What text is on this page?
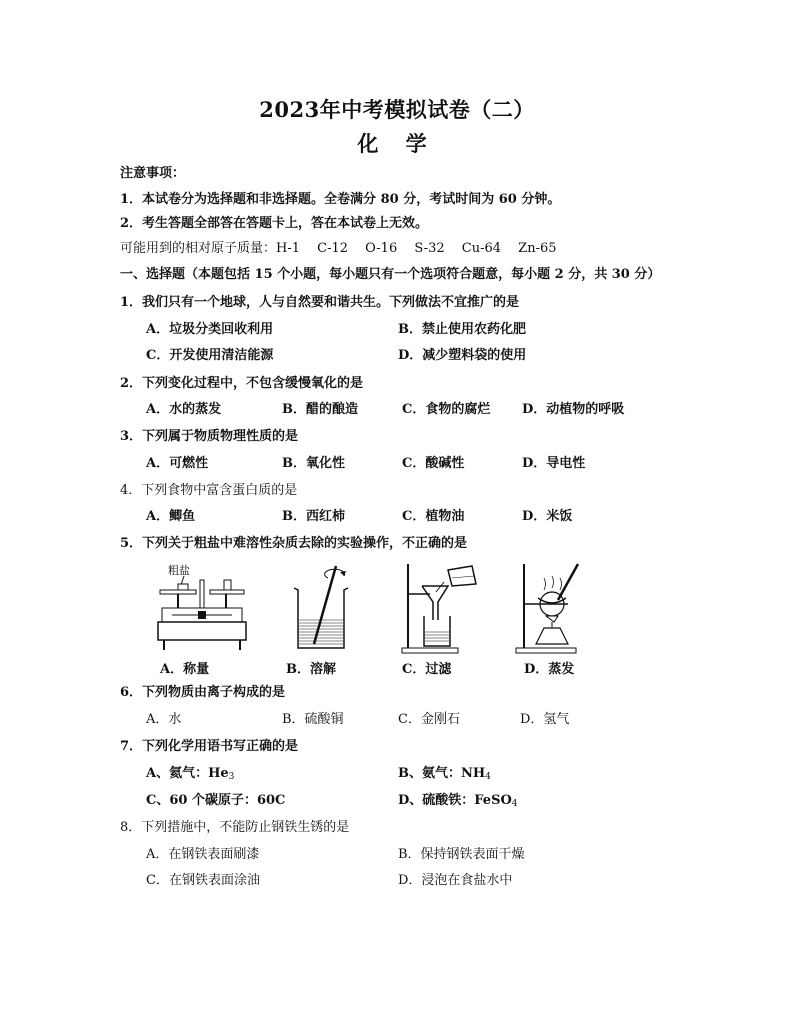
2023年中考模拟试卷（二）
化 学
注意事项：
1．本试卷分为选择题和非选择题。全卷满分 80 分，考试时间为 60 分钟。
2．考生答题全部答在答题卡上，答在本试卷上无效。
可能用到的相对原子质量：H-1　 C-12　 O-16　 S-32　 Cu-64　 Zn-65
一、选择题（本题包括 15 个小题，每小题只有一个选项符合题意，每小题 2 分，共 30 分）
1．我们只有一个地球，人与自然要和谐共生。下列做法不宜推广的是
A．垃圾分类回收利用	B．禁止使用农药化肥
C．开发使用清洁能源	D．减少塑料袋的使用
2．下列变化过程中，不包含缓慢氧化的是
A．水的蒸发	B．醋的酿造	C．食物的腐烂 D．动植物的呼吸
3．下列属于物质物理性质的是
A．可燃性	B．氧化性	C．酸碱性	D．导电性
4．下列食物中富含蛋白质的是
A．鲫鱼	B．西红柿	C．植物油	D．米饭
5．下列关于粗盐中难溶性杂质去除的实验操作，不正确的是
粗盐
A．称量	B．溶解	C．过滤	D．蒸发
6．下列物质由离子构成的是
A．水	B．硫酸铜	C．金刚石	D．氢气
7．下列化学用语书写正确的是
A、氦气：$He_3$	B、氨气：$NH_4$
C、60 个碳原子：60C	D、硫酸铁：FeSO$_4$
8．下列措施中，不能防止钢铁生锈的是
A．在钢铁表面刷漆	B．保持钢铁表面干燥
C．在钢铁表面涂油	D．浸泡在食盐水中
